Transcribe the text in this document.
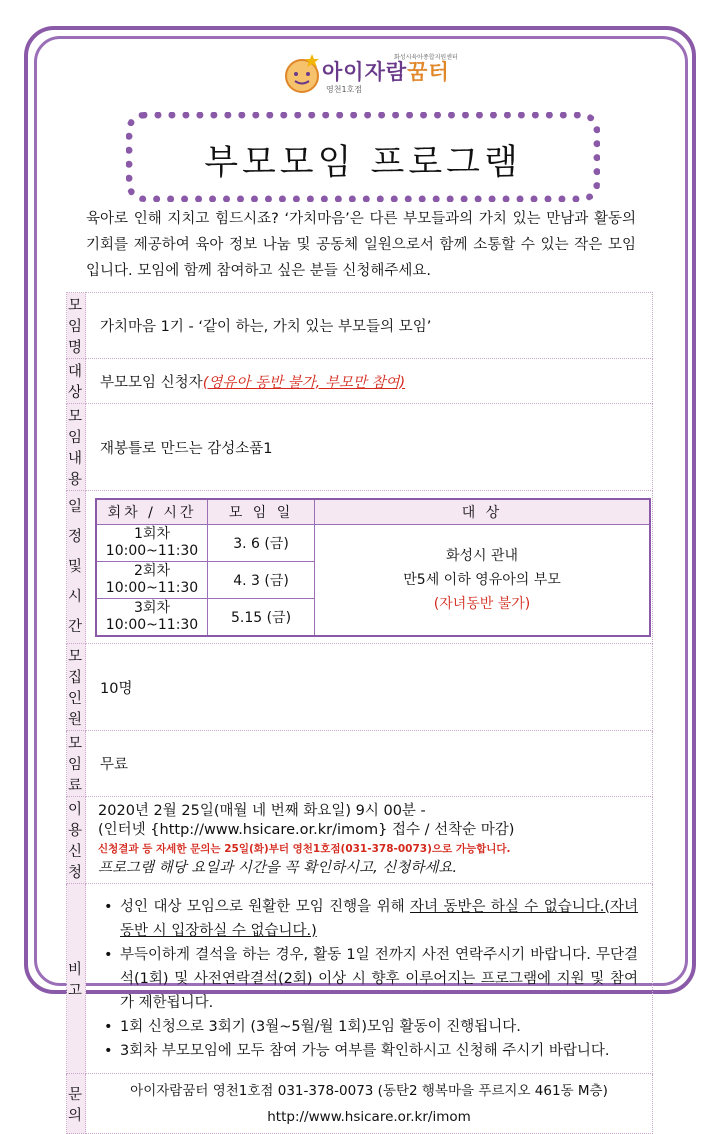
아이자람꿈터
영천1호점
화성시육아종합지원센터
부모모임 프로그램
육아로 인해 지치고 힘드시죠? ‘가치마음’은 다른 부모들과의 가치 있는 만남과 활동의 기회를 제공하여 육아 정보 나눔 및 공동체 일원으로서 함께 소통할 수 있는 작은 모임입니다. 모임에 함께 참여하고 싶은 분들 신청해주세요.
모 임 명	가치마음 1기 - ‘같이 하는, 가치 있는 부모들의 모임’
대 상	부모모임 신청자(영유아 동반 불가, 부모만 참여)
모임내용	재봉틀로 만드는 감성소품1

일 정
및
시 간

회차 / 시간	모 임 일	대 상

1회차
10:00~11:30	3. 6 (금)	
화성시 관내
만5세 이하 영유아의 부모
(자녀동반 불가)

2회차
10:00~11:30	4. 3 (금)

3회차
10:00~11:30	5.15 (금)

모집인원	10명
모 임 료	무료
이용신청	
2020년 2월 25일(매월 네 번째 화요일) 9시 00분 -
(인터넷 {http://www.hsicare.or.kr/imom} 접수 / 선착순 마감)
신청결과 등 자세한 문의는 25일(화)부터 영천1호점(031-378-0073)으로 가능합니다.
프로그램 해당 요일과 시간을 꼭 확인하시고, 신청하세요.

비 고	
• 성인 대상 모임으로 원활한 모임 진행을 위해 자녀 동반은 하실 수 없습니다.(자녀 동반 시 입장하실 수 없습니다.)
• 부득이하게 결석을 하는 경우, 활동 1일 전까지 사전 연락주시기 바랍니다. 무단결석(1회) 및 사전연락결석(2회) 이상 시 향후 이루어지는 프로그램에 지원 및 참여가 제한됩니다.
• 1회 신청으로 3회기 (3월~5월/월 1회)모임 활동이 진행됩니다.
• 3회차 부모모임에 모두 참여 가능 여부를 확인하시고 신청해 주시기 바랍니다.

문 의	
아이자람꿈터 영천1호점 031-378-0073 (동탄2 행복마을 푸르지오 461동 M층)
http://www.hsicare.or.kr/imom
